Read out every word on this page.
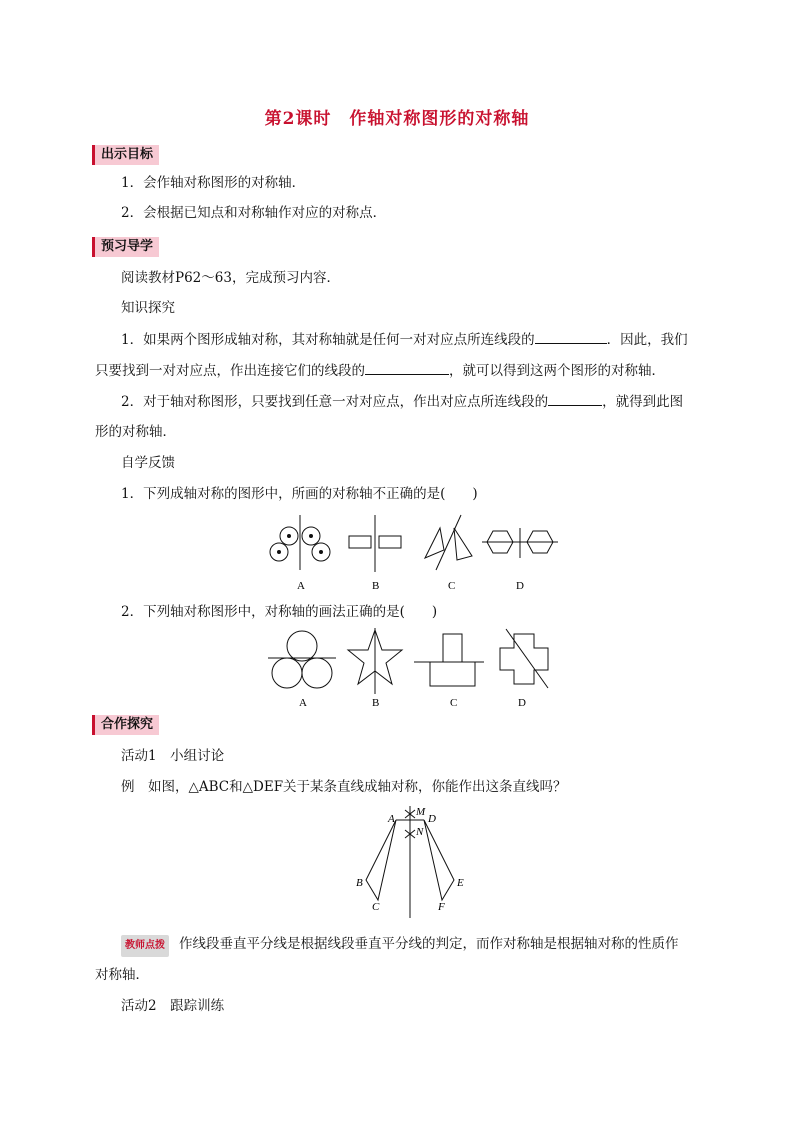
第2课时　作轴对称图形的对称轴
出示目标
1．会作轴对称图形的对称轴．
2．会根据已知点和对称轴作对应的对称点．
预习导学
阅读教材P62～63，完成预习内容．
知识探究
1．如果两个图形成轴对称，其对称轴就是任何一对对应点所连线段的	．因此，我们
只要找到一对对应点，作出连接它们的线段的	，就可以得到这两个图形的对称轴．
2．对于轴对称图形，只要找到任意一对对应点，作出对应点所连线段的	，就得到此图
形的对称轴．
自学反馈
1．下列成轴对称的图形中，所画的对称轴不正确的是(　　)
A	B	C	D
2．下列轴对称图形中，对称轴的画法正确的是(　　)
A	B	C	D
合作探究
活动1　小组讨论
例　如图，△ABC和△DEF关于某条直线成轴对称，你能作出这条直线吗？
A
B
C
D
E
F
M
N
教师点拨 作线段垂直平分线是根据线段垂直平分线的判定，而作对称轴是根据轴对称的性质作
对称轴．
活动2　跟踪训练
